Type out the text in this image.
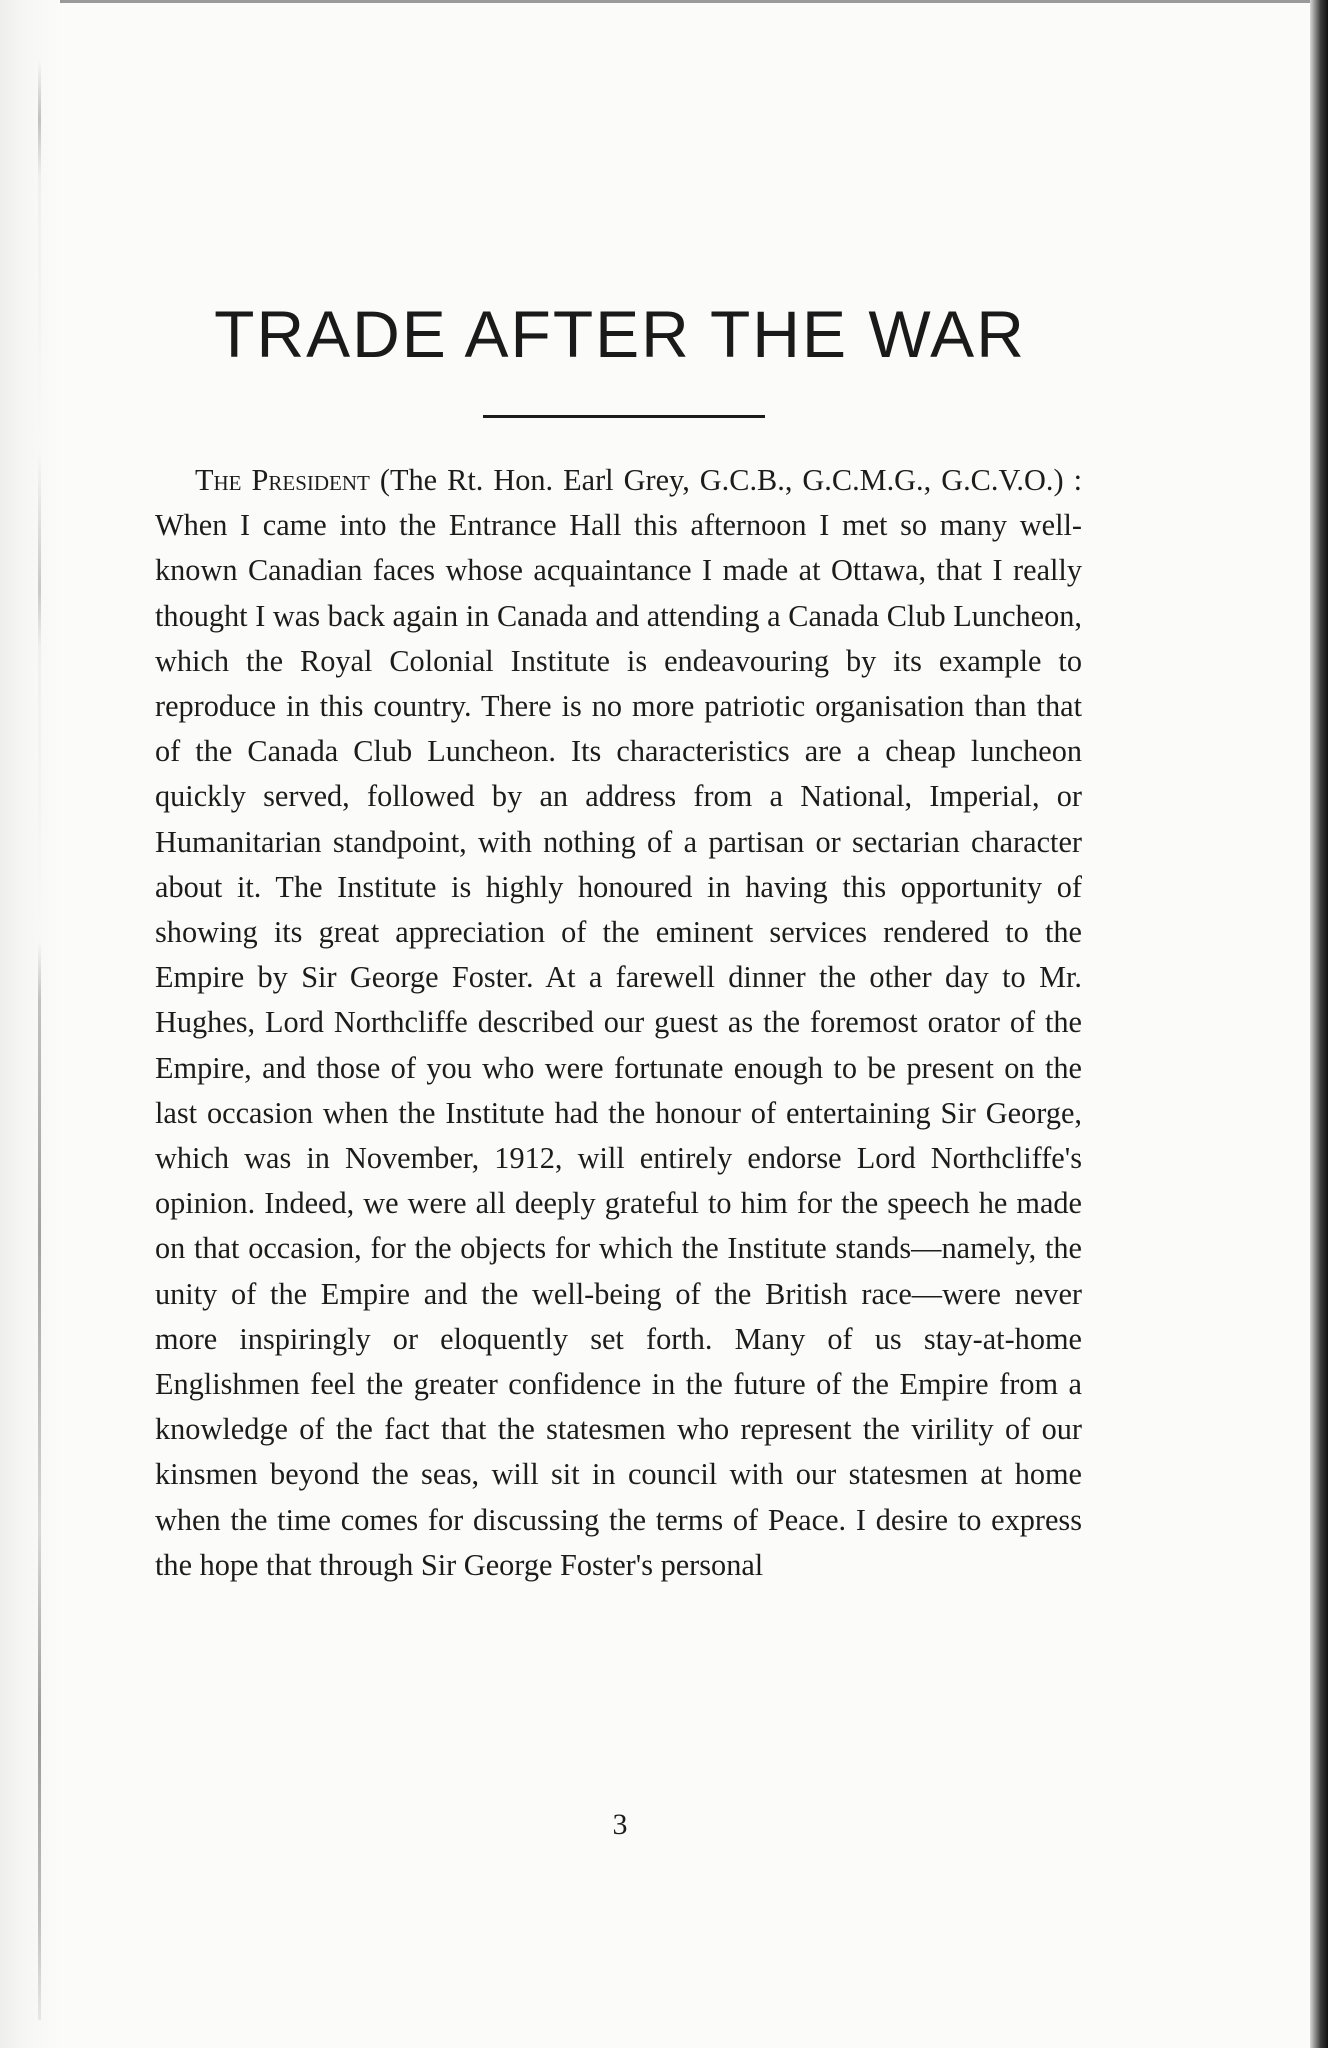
TRADE AFTER THE WAR

The President (The Rt. Hon. Earl Grey, G.C.B., G.C.M.G., G.C.V.O.) : When I came into the Entrance Hall this afternoon I met so many well-known Canadian faces whose acquaintance I made at Ottawa, that I really thought I was back again in Canada and attending a Canada Club Luncheon, which the Royal Colonial Institute is endeavouring by its example to reproduce in this country. There is no more patriotic organisation than that of the Canada Club Luncheon. Its characteristics are a cheap luncheon quickly served, followed by an address from a National, Imperial, or Humanitarian standpoint, with nothing of a partisan or sectarian character about it. The Institute is highly honoured in having this opportunity of showing its great appreciation of the eminent services rendered to the Empire by Sir George Foster. At a farewell dinner the other day to Mr. Hughes, Lord Northcliffe described our guest as the foremost orator of the Empire, and those of you who were fortunate enough to be present on the last occasion when the Institute had the honour of entertaining Sir George, which was in November, 1912, will entirely endorse Lord Northcliffe's opinion. Indeed, we were all deeply grateful to him for the speech he made on that occasion, for the objects for which the Institute stands—namely, the unity of the Empire and the well-being of the British race—were never more inspiringly or eloquently set forth. Many of us stay-at-home Englishmen feel the greater confidence in the future of the Empire from a knowledge of the fact that the statesmen who represent the virility of our kinsmen beyond the seas, will sit in council with our statesmen at home when the time comes for discussing the terms of Peace. I desire to express the hope that through Sir George Foster's personal

3
